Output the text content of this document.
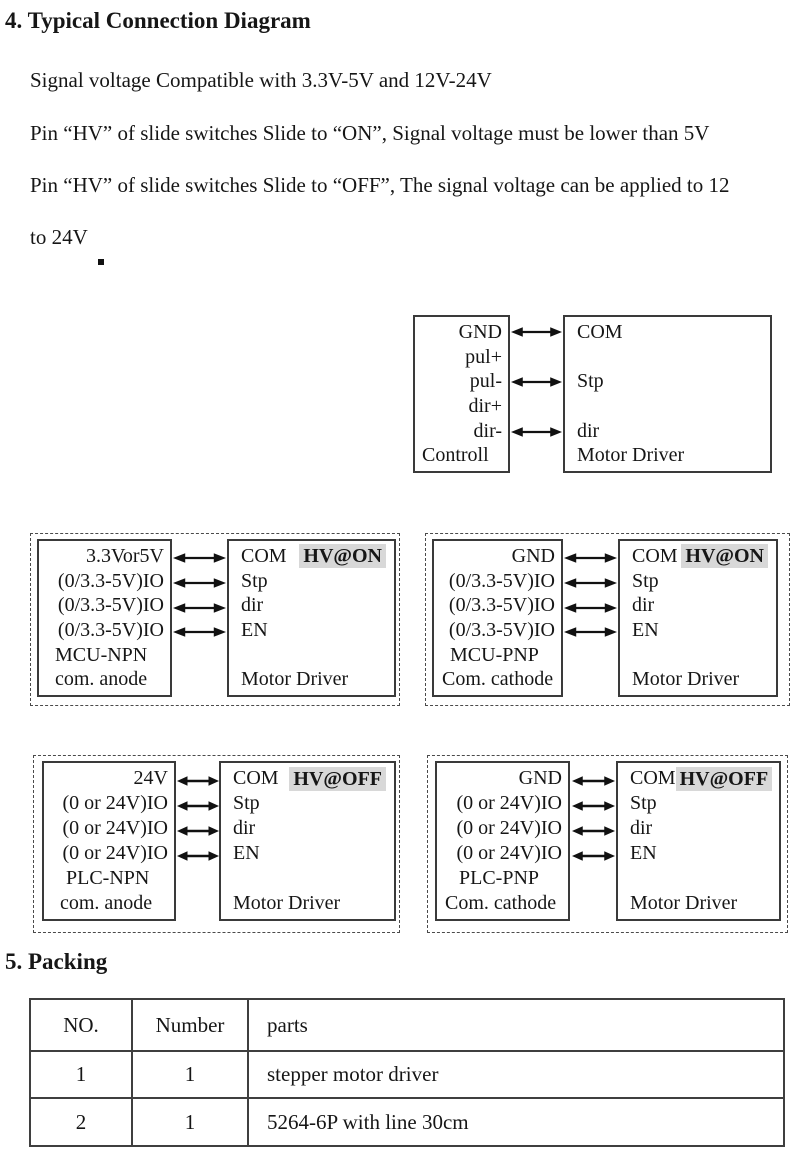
4. Typical Connection Diagram
Signal voltage Compatible with 3.3V-5V and 12V-24V
Pin “HV” of slide switches Slide to “ON”, Signal voltage must be lower than 5V
Pin “HV” of slide switches Slide to “OFF”, The signal voltage can be applied to 12
to 24V
GND
pul+
pul-
dir+
dir-
Controll
COM
Stp
dir
Motor Driver
3.3Vor5V
(0/3.3-5V)IO
(0/3.3-5V)IO
(0/3.3-5V)IO
MCU-NPN
com. anode
COM HV@ON
Stp
dir
EN
Motor Driver
GND
(0/3.3-5V)IO
(0/3.3-5V)IO
(0/3.3-5V)IO
MCU-PNP
Com. cathode
COM HV@ON
Stp
dir
EN
Motor Driver
24V
(0 or 24V)IO
(0 or 24V)IO
(0 or 24V)IO
PLC-NPN
com. anode
COM HV@OFF
Stp
dir
EN
Motor Driver
GND
(0 or 24V)IO
(0 or 24V)IO
(0 or 24V)IO
PLC-PNP
Com. cathode
COM HV@OFF
Stp
dir
EN
Motor Driver
5. Packing
NO.	Number	parts
1	1	stepper motor driver
2	1	5264-6P with line 30cm
